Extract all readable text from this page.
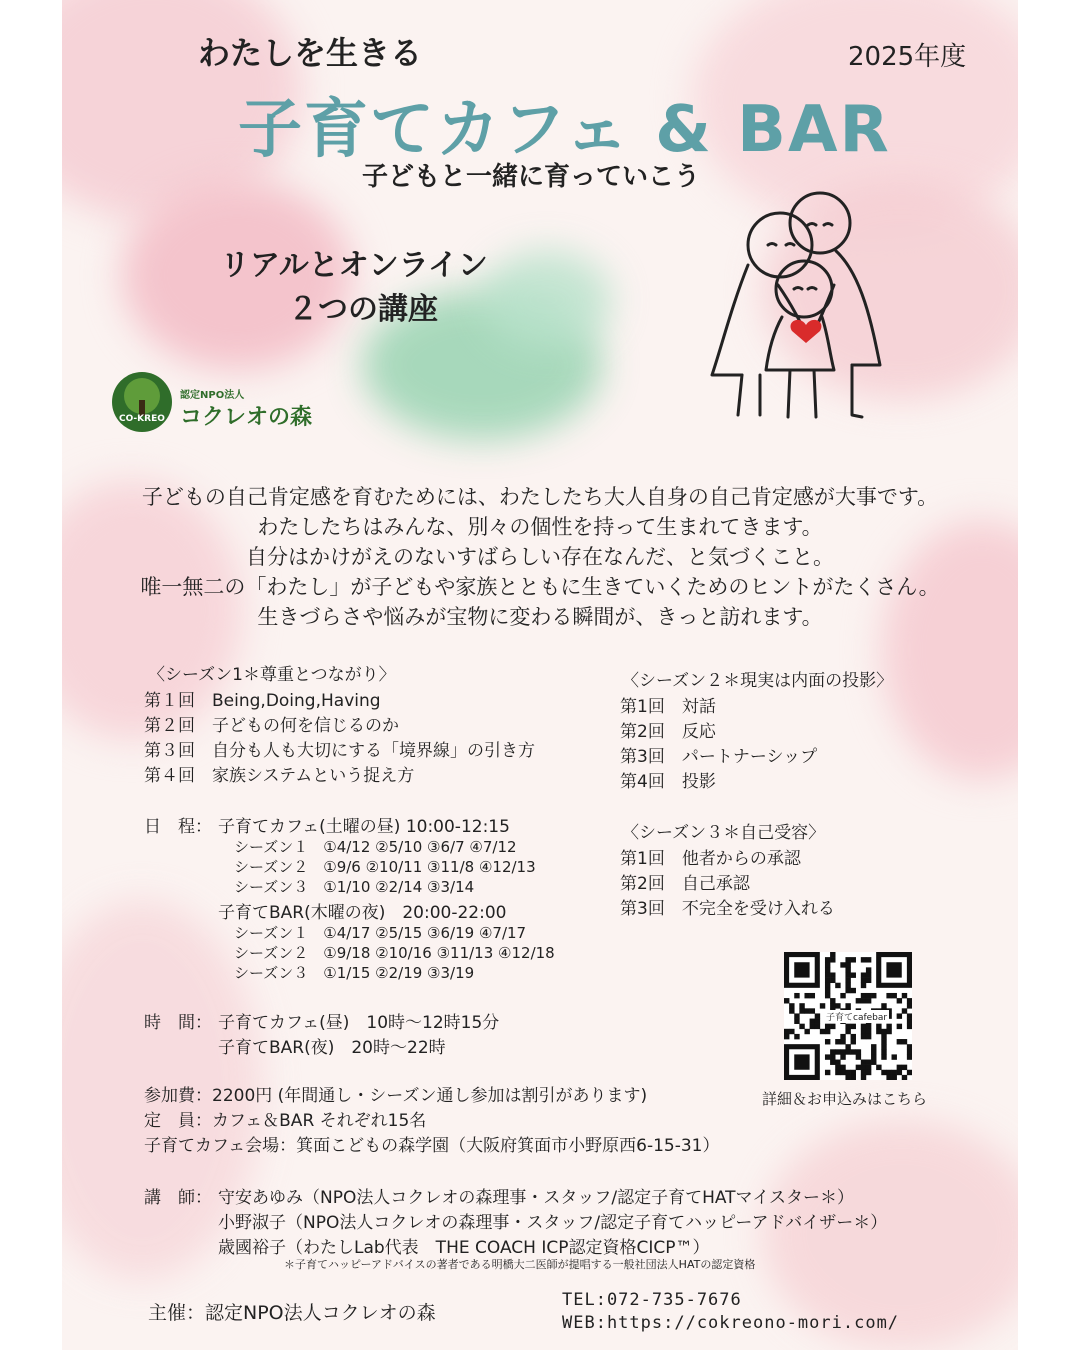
わたしを生きる	2025年度
子育てカフェ & BAR
子どもと一緒に育っていこう
リアルとオンライン
２つの講座
CO-KREO
認定NPO法人
コクレオの森

子どもの自己肯定感を育むためには、わたしたち大人自身の自己肯定感が大事です。

わたしたちはみんな、別々の個性を持って生まれてきます。

自分はかけがえのないすばらしい存在なんだ、と気づくこと。

唯一無二の「わたし」が子どもや家族とともに生きていくためのヒントがたくさん。

生きづらさや悩みが宝物に変わる瞬間が、きっと訪れます。

〈シーズン1＊尊重とつながり〉
第１回　Being,Doing,Having
第２回　子どもの何を信じるのか
第３回　自分も人も大切にする「境界線」の引き方
第４回　家族システムという捉え方
〈シーズン２＊現実は内面の投影〉
第1回　対話
第2回　反応
第3回　パートナーシップ
第4回　投影
〈シーズン３＊自己受容〉
第1回　他者からの承認
第2回　自己承認
第3回　不完全を受け入れる
日　程： 子育てカフェ(土曜の昼) 10:00-12:15
シーズン１　①4/12 ②5/10 ③6/7 ④7/12
シーズン２　①9/6 ②10/11 ③11/8 ④12/13
シーズン３　①1/10 ②2/14 ③3/14
子育てBAR(木曜の夜)　20:00-22:00
シーズン１　①4/17 ②5/15 ③6/19 ④7/17
シーズン２　①9/18 ②10/16 ③11/13 ④12/18
シーズン３　①1/15 ②2/19 ③3/19
時　間： 子育てカフェ(昼)　10時〜12時15分
子育てBAR(夜)　20時〜22時
参加費：2200円 (年間通し・シーズン通し参加は割引があります)
定　員：カフェ＆BAR それぞれ15名
子育てカフェ会場：箕面こどもの森学園（大阪府箕面市小野原西6-15-31）
講　師： 守安あゆみ（NPO法人コクレオの森理事・スタッフ/認定子育てHATマイスター＊）
小野淑子（NPO法人コクレオの森理事・スタッフ/認定子育てハッピーアドバイザー＊）
歳國裕子（わたしLab代表　THE COACH ICP認定資格CICP™）
＊子育てハッピーアドバイスの著者である明橋大二医師が提唱する一般社団法人HATの認定資格
子育てcafebar
詳細＆お申込みはこちら
主催：認定NPO法人コクレオの森
TEL:072-735-7676
WEB:https://cokreono-mori.com/
